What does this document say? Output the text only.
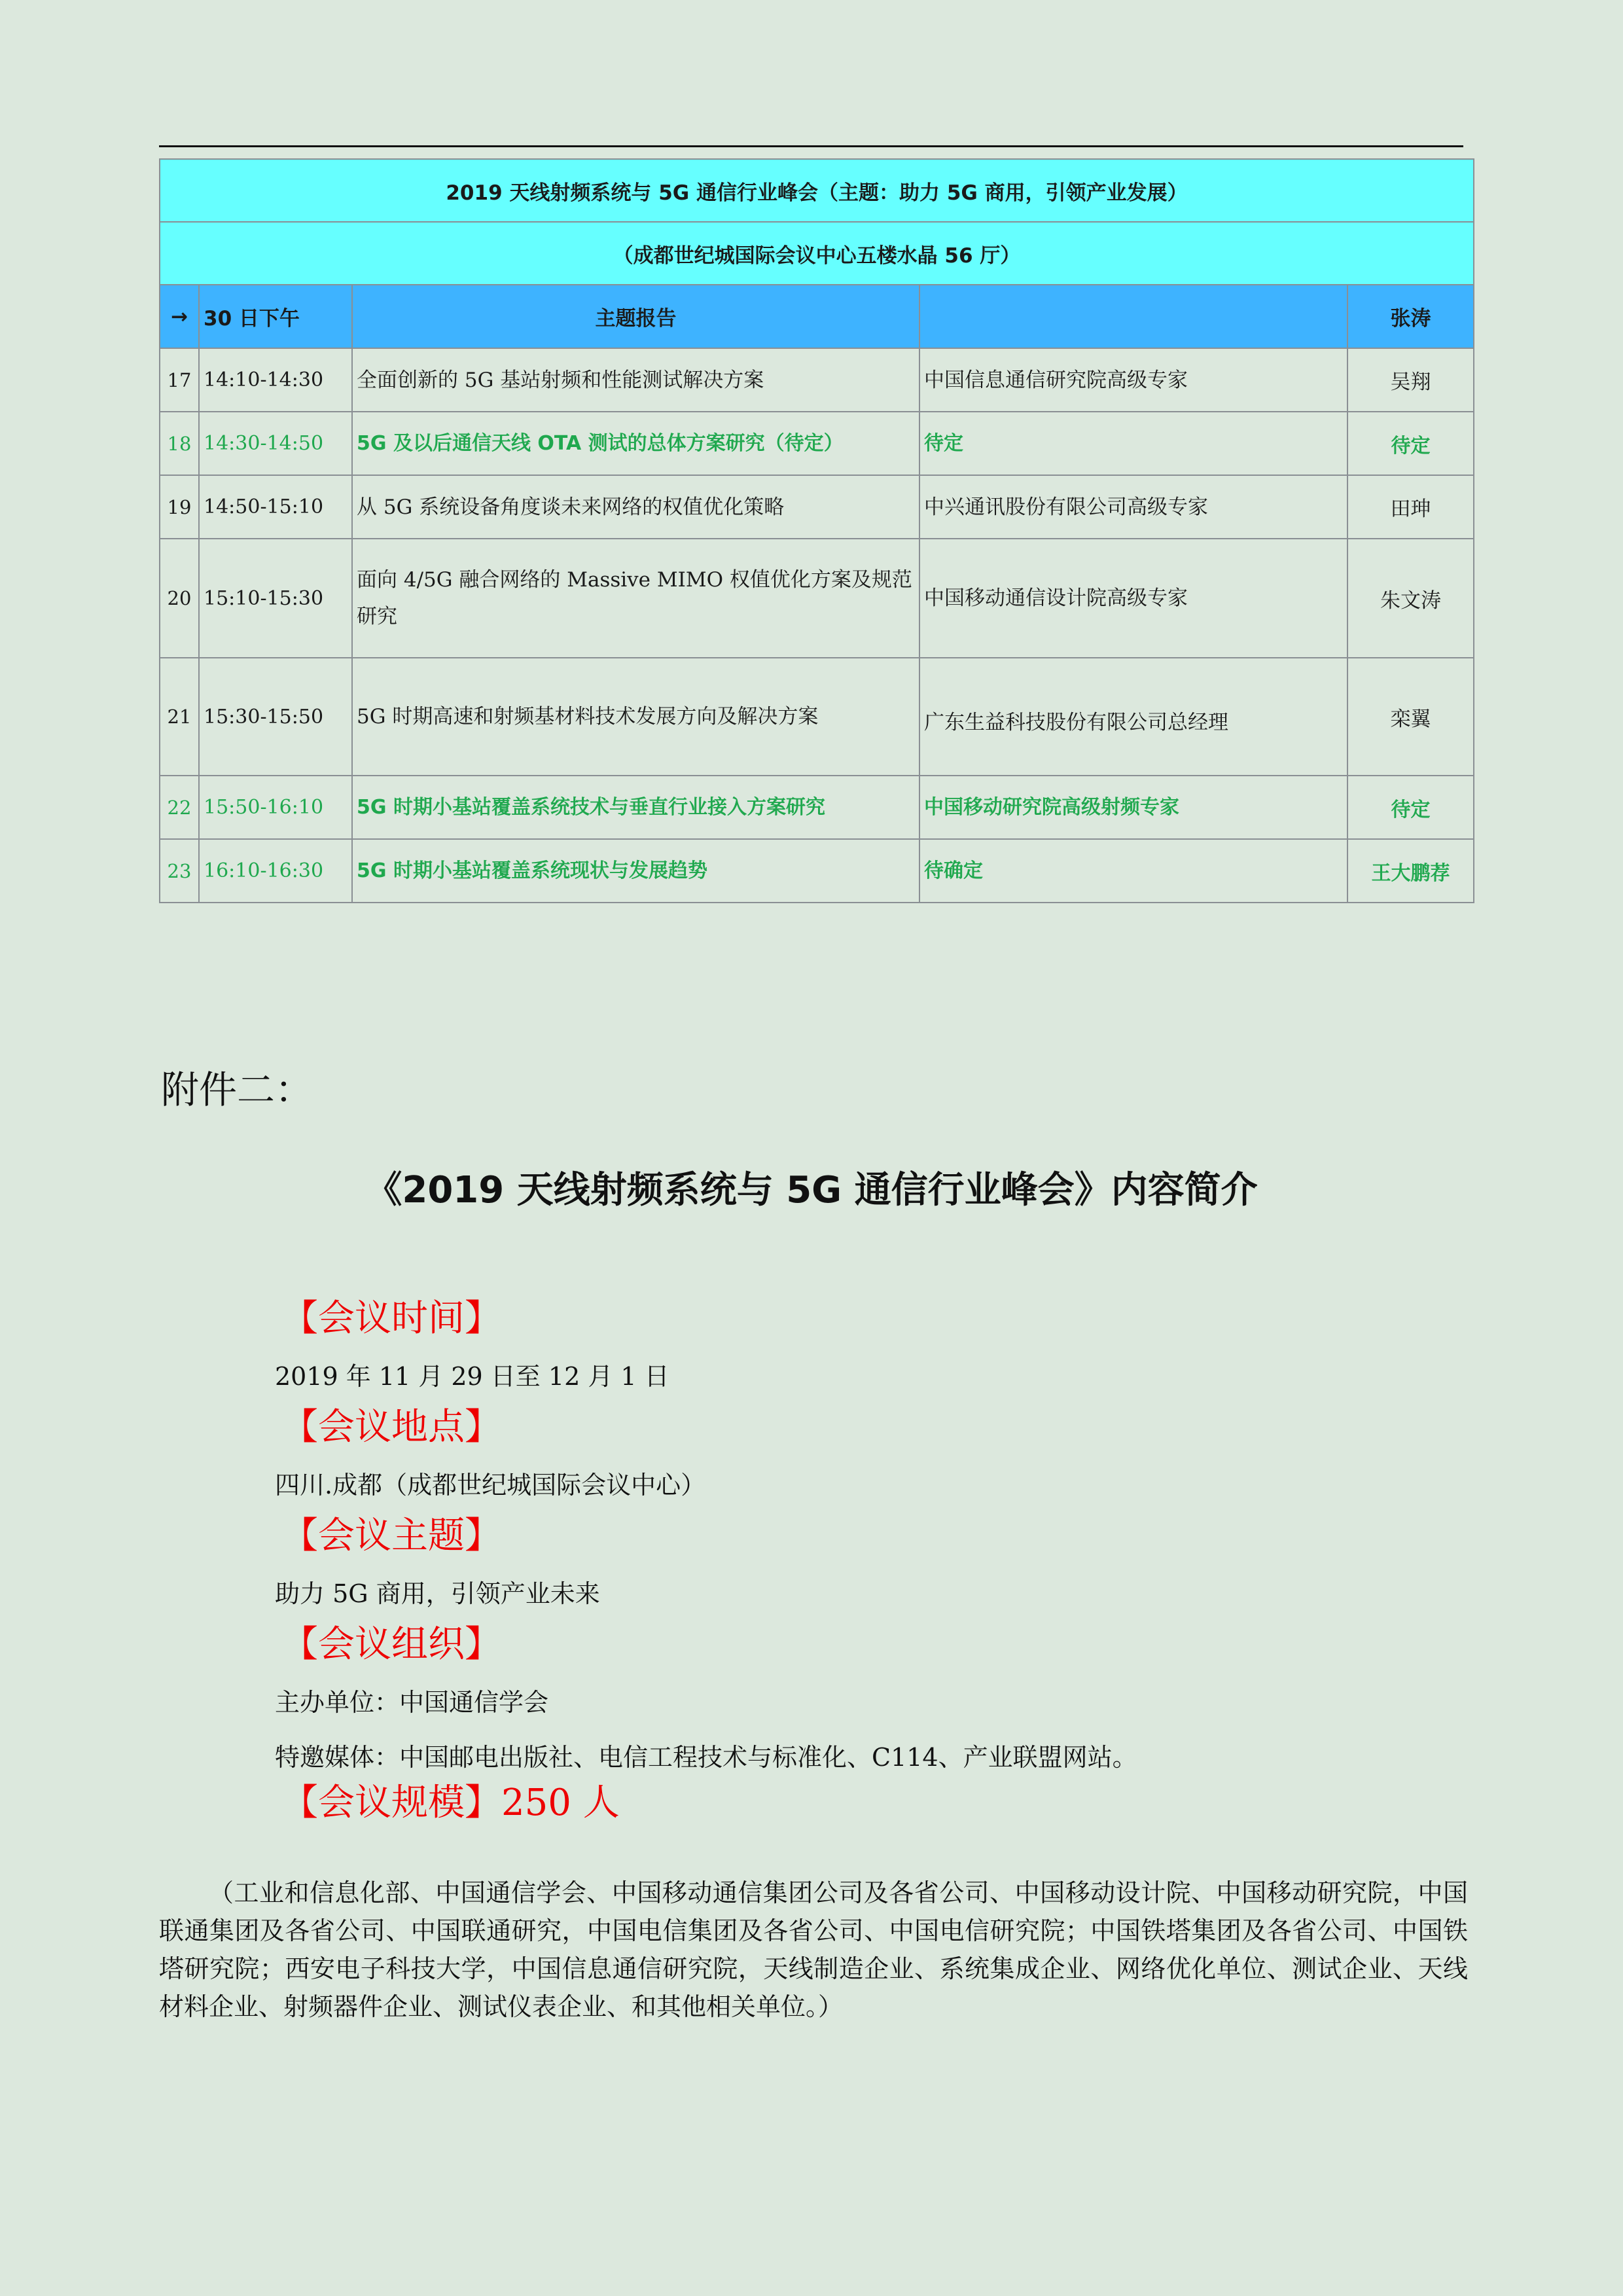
2019 天线射频系统与 5G 通信行业峰会（主题：助力 5G 商用，引领产业发展）				
（成都世纪城国际会议中心五楼水晶 56 厅）				
→	30 日下午	主题报告		张涛
17	14:10-14:30	全面创新的 5G 基站射频和性能测试解决方案	中国信息通信研究院高级专家	吴翔
18	14:30-14:50	5G 及以后通信天线 OTA 测试的总体方案研究（待定）	待定	待定
19	14:50-15:10	从 5G 系统设备角度谈未来网络的权值优化策略	中兴通讯股份有限公司高级专家	田珅
20	15:10-15:30	面向 4/5G 融合网络的 Massive MIMO 权值优化方案及规范研究	中国移动通信设计院高级专家	朱文涛
21	15:30-15:50	5G 时期高速和射频基材料技术发展方向及解决方案	广东生益科技股份有限公司总经理	栾翼
22	15:50-16:10	5G 时期小基站覆盖系统技术与垂直行业接入方案研究	中国移动研究院高级射频专家	待定
23	16:10-16:30	5G 时期小基站覆盖系统现状与发展趋势	待确定	王大鹏荐
附件二：
《2019 天线射频系统与 5G 通信行业峰会》内容简介
【会议时间】
2019 年 11 月 29 日至 12 月 1 日
【会议地点】
四川.成都（成都世纪城国际会议中心）
【会议主题】
助力 5G 商用，引领产业未来
【会议组织】
主办单位：中国通信学会
特邀媒体：中国邮电出版社、电信工程技术与标准化、C114、产业联盟网站。
【会议规模】250 人
（工业和信息化部、中国通信学会、中国移动通信集团公司及各省公司、中国移动设计院、中国移动研究院，中国联通集团及各省公司、中国联通研究，中国电信集团及各省公司、中国电信研究院；中国铁塔集团及各省公司、中国铁塔研究院；西安电子科技大学，中国信息通信研究院，天线制造企业、系统集成企业、网络优化单位、测试企业、天线材料企业、射频器件企业、测试仪表企业、和其他相关单位。）
